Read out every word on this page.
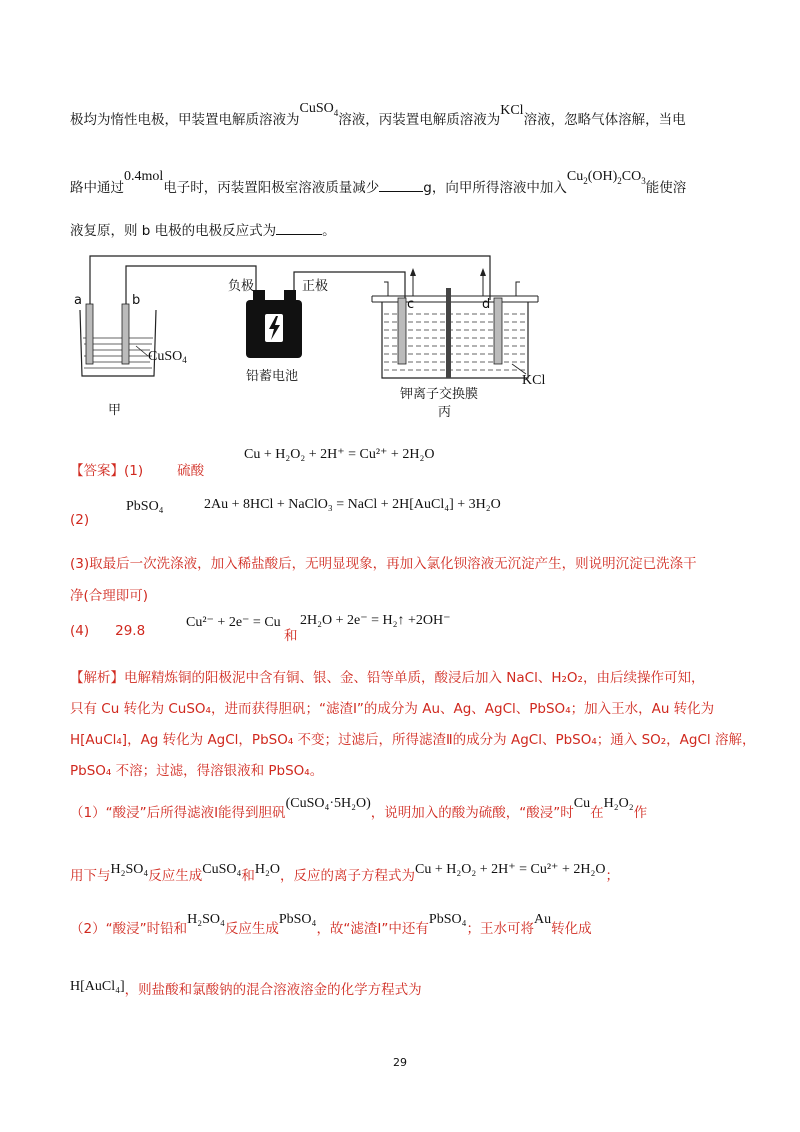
极均为惰性电极，甲装置电解质溶液为CuSO$_4$溶液，丙装置电解质溶液为KCl溶液，忽略气体溶解，当电
路中通过0.4mol电子时，丙装置阳极室溶液质量减少	g，向甲所得溶液中加入$Cu_2(OH)_2CO_3$能使溶
液复原，则 b 电极的电极反应式为	。
a	b
CuSO$_4$
甲
负极	正极
铅蓄电池
c	d
KCl
钾离子交换膜
丙
【答案】(1)	硫酸
Cu + H₂O₂ + 2H⁺ = Cu²⁺ + 2H₂O
(2)
PbSO₄	2Au + 8HCl + NaClO₃ = NaCl + 2H[AuCl₄] + 3H₂O
(3)取最后一次洗涤液，加入稀盐酸后，无明显现象，再加入氯化钡溶液无沉淀产生，则说明沉淀已洗涤干
净(合理即可)
(4) 29.8
Cu²⁻ + 2e⁻ = Cu
和
2H₂O + 2e⁻ = H₂↑ +2OH⁻
【解析】电解精炼铜的阳极泥中含有铜、银、金、铅等单质，酸浸后加入 NaCl、H₂O₂，由后续操作可知，
只有 Cu 转化为 CuSO₄，进而获得胆矾；“滤渣Ⅰ”的成分为 Au、Ag、AgCl、PbSO₄；加入王水，Au 转化为
H[AuCl₄]，Ag 转化为 AgCl，PbSO₄ 不变；过滤后，所得滤渣Ⅱ的成分为 AgCl、PbSO₄；通入 SO₂，AgCl 溶解，
PbSO₄ 不溶；过滤，得溶银液和 PbSO₄。
（1）“酸浸”后所得滤液Ⅰ能得到胆矾(CuSO₄·5H₂O)，说明加入的酸为硫酸，“酸浸”时Cu在H₂O₂作
用下与H₂SO₄反应生成CuSO₄和H₂O，反应的离子方程式为Cu + H₂O₂ + 2H⁺ = Cu²⁺ + 2H₂O；
（2）“酸浸”时铅和H₂SO₄反应生成PbSO₄，故“滤渣Ⅰ”中还有PbSO₄；王水可将Au转化成
H[AuCl₄]，则盐酸和氯酸钠的混合溶液溶金的化学方程式为
29
